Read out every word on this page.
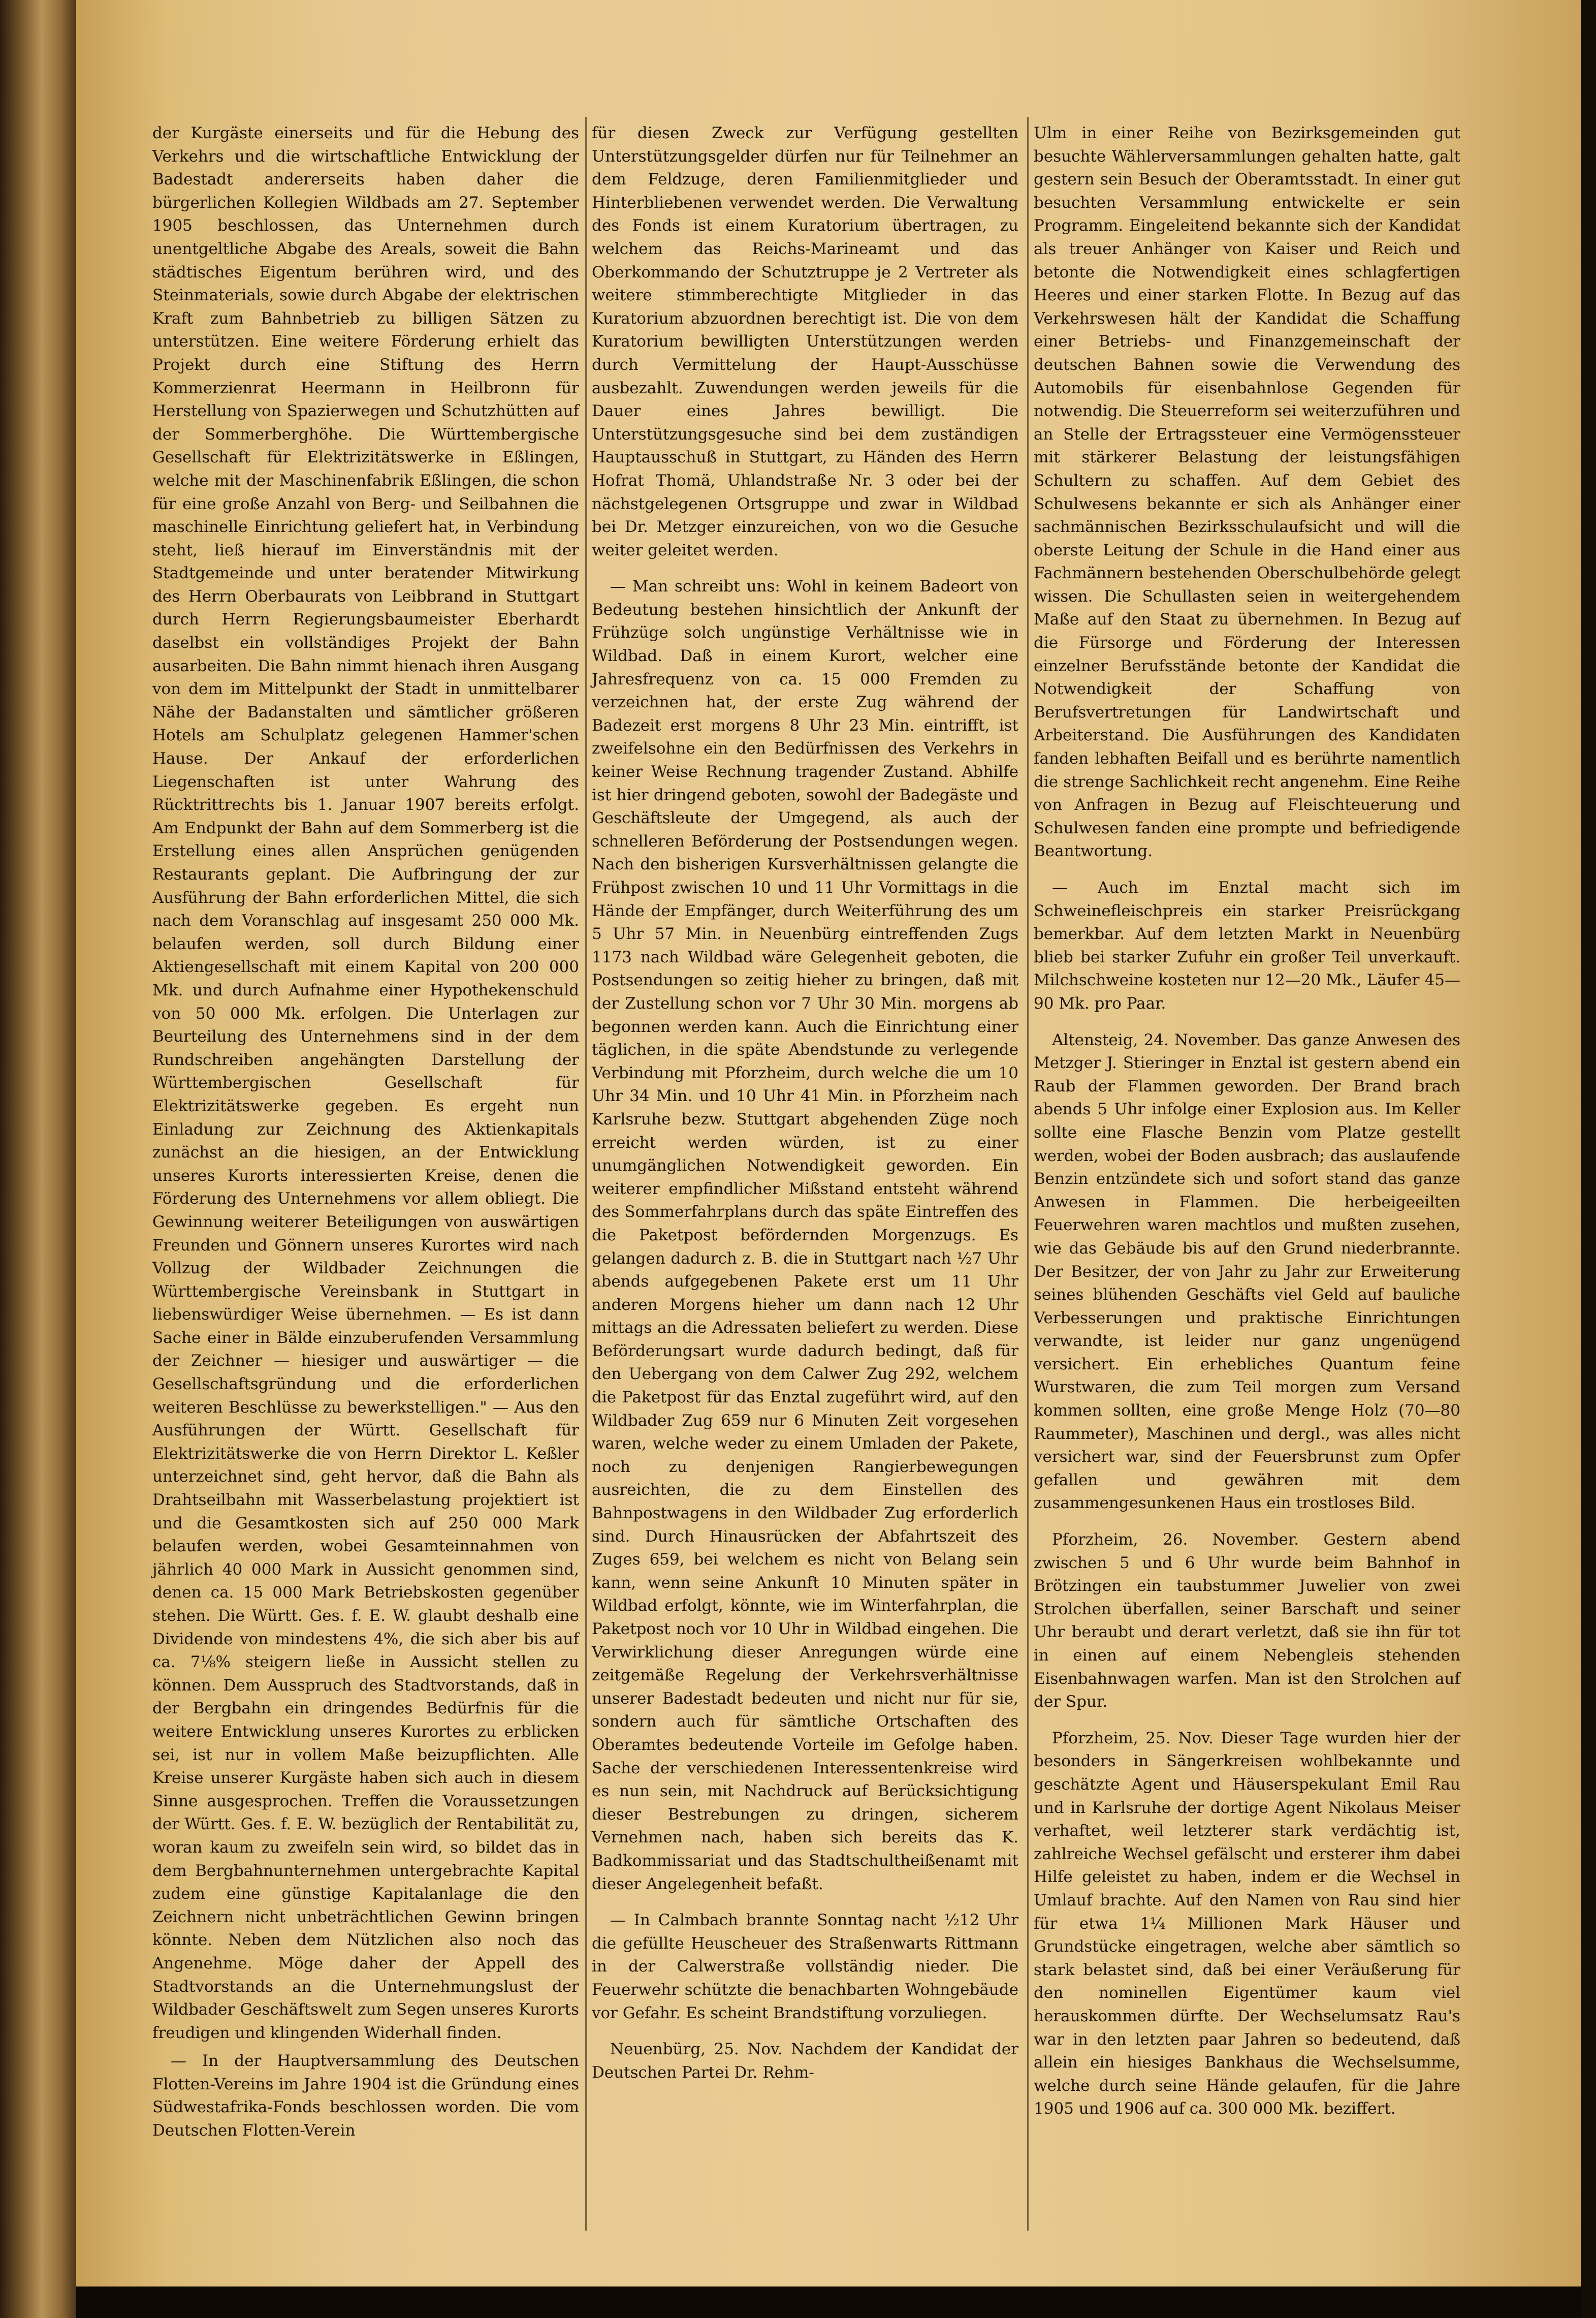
der Kurgäste einerseits und für die Hebung des Verkehrs und die wirtschaftliche Entwicklung der Badestadt andererseits haben daher die bürgerlichen Kollegien Wildbads am 27. September 1905 beschlossen, das Unternehmen durch unentgeltliche Abgabe des Areals, soweit die Bahn städtisches Eigentum berühren wird, und des Steinmaterials, sowie durch Abgabe der elektrischen Kraft zum Bahnbetrieb zu billigen Sätzen zu unterstützen. Eine weitere Förderung erhielt das Projekt durch eine Stiftung des Herrn Kommerzienrat Heermann in Heilbronn für Herstellung von Spazierwegen und Schutzhütten auf der Sommerberghöhe. Die Württembergische Gesellschaft für Elektrizitätswerke in Eßlingen, welche mit der Maschinenfabrik Eßlingen, die schon für eine große Anzahl von Berg- und Seilbahnen die maschinelle Einrichtung geliefert hat, in Verbindung steht, ließ hierauf im Einverständnis mit der Stadtgemeinde und unter beratender Mitwirkung des Herrn Oberbaurats von Leibbrand in Stuttgart durch Herrn Regierungsbaumeister Eberhardt daselbst ein vollständiges Projekt der Bahn ausarbeiten. Die Bahn nimmt hienach ihren Ausgang von dem im Mittelpunkt der Stadt in unmittelbarer Nähe der Badanstalten und sämtlicher größeren Hotels am Schulplatz gelegenen Hammer'schen Hause. Der Ankauf der erforderlichen Liegenschaften ist unter Wahrung des Rücktrittrechts bis 1. Januar 1907 bereits erfolgt. Am Endpunkt der Bahn auf dem Sommerberg ist die Erstellung eines allen Ansprüchen genügenden Restaurants geplant. Die Aufbringung der zur Ausführung der Bahn erforderlichen Mittel, die sich nach dem Voranschlag auf insgesamt 250 000 Mk. belaufen werden, soll durch Bildung einer Aktiengesellschaft mit einem Kapital von 200 000 Mk. und durch Aufnahme einer Hypothekenschuld von 50 000 Mk. erfolgen. Die Unterlagen zur Beurteilung des Unternehmens sind in der dem Rundschreiben angehängten Darstellung der Württembergischen Gesellschaft für Elektrizitätswerke gegeben. Es ergeht nun Einladung zur Zeichnung des Aktienkapitals zunächst an die hiesigen, an der Entwicklung unseres Kurorts interessierten Kreise, denen die Förderung des Unternehmens vor allem obliegt. Die Gewinnung weiterer Beteiligungen von auswärtigen Freunden und Gönnern unseres Kurortes wird nach Vollzug der Wildbader Zeichnungen die Württembergische Vereinsbank in Stuttgart in liebenswürdiger Weise übernehmen. — Es ist dann Sache einer in Bälde einzuberufenden Versammlung der Zeichner — hiesiger und auswärtiger — die Gesellschaftsgründung und die erforderlichen weiteren Beschlüsse zu bewerkstelligen." — Aus den Ausführungen der Württ. Gesellschaft für Elektrizitätswerke die von Herrn Direktor L. Keßler unterzeichnet sind, geht hervor, daß die Bahn als Drahtseilbahn mit Wasserbelastung projektiert ist und die Gesamtkosten sich auf 250 000 Mark belaufen werden, wobei Gesamteinnahmen von jährlich 40 000 Mark in Aussicht genommen sind, denen ca. 15 000 Mark Betriebskosten gegenüber stehen. Die Württ. Ges. f. E. W. glaubt deshalb eine Dividende von mindestens 4%, die sich aber bis auf ca. 7⅛% steigern ließe in Aussicht stellen zu können. Dem Ausspruch des Stadtvorstands, daß in der Bergbahn ein dringendes Bedürfnis für die weitere Entwicklung unseres Kurortes zu erblicken sei, ist nur in vollem Maße beizupflichten. Alle Kreise unserer Kurgäste haben sich auch in diesem Sinne ausgesprochen. Treffen die Voraussetzungen der Württ. Ges. f. E. W. bezüglich der Rentabilität zu, woran kaum zu zweifeln sein wird, so bildet das in dem Bergbahnunternehmen untergebrachte Kapital zudem eine günstige Kapitalanlage die den Zeichnern nicht unbeträchtlichen Gewinn bringen könnte. Neben dem Nützlichen also noch das Angenehme. Möge daher der Appell des Stadtvorstands an die Unternehmungslust der Wildbader Geschäftswelt zum Segen unseres Kurorts freudigen und klingenden Widerhall finden.

— In der Hauptversammlung des Deutschen Flotten-Vereins im Jahre 1904 ist die Gründung eines Südwestafrika-Fonds beschlossen worden. Die vom Deutschen Flotten-Verein

für diesen Zweck zur Verfügung gestellten Unterstützungsgelder dürfen nur für Teilnehmer an dem Feldzuge, deren Familienmitglieder und Hinterbliebenen verwendet werden. Die Verwaltung des Fonds ist einem Kuratorium übertragen, zu welchem das Reichs-Marineamt und das Oberkommando der Schutztruppe je 2 Vertreter als weitere stimmberechtigte Mitglieder in das Kuratorium abzuordnen berechtigt ist. Die von dem Kuratorium bewilligten Unterstützungen werden durch Vermittelung der Haupt-Ausschüsse ausbezahlt. Zuwendungen werden jeweils für die Dauer eines Jahres bewilligt. Die Unterstützungsgesuche sind bei dem zuständigen Hauptausschuß in Stuttgart, zu Händen des Herrn Hofrat Thomä, Uhlandstraße Nr. 3 oder bei der nächstgelegenen Ortsgruppe und zwar in Wildbad bei Dr. Metzger einzureichen, von wo die Gesuche weiter geleitet werden.

— Man schreibt uns: Wohl in keinem Badeort von Bedeutung bestehen hinsichtlich der Ankunft der Frühzüge solch ungünstige Verhältnisse wie in Wildbad. Daß in einem Kurort, welcher eine Jahresfrequenz von ca. 15 000 Fremden zu verzeichnen hat, der erste Zug während der Badezeit erst morgens 8 Uhr 23 Min. eintrifft, ist zweifelsohne ein den Bedürfnissen des Verkehrs in keiner Weise Rechnung tragender Zustand. Abhilfe ist hier dringend geboten, sowohl der Badegäste und Geschäftsleute der Umgegend, als auch der schnelleren Beförderung der Postsendungen wegen. Nach den bisherigen Kursverhältnissen gelangte die Frühpost zwischen 10 und 11 Uhr Vormittags in die Hände der Empfänger, durch Weiterführung des um 5 Uhr 57 Min. in Neuenbürg eintreffenden Zugs 1173 nach Wildbad wäre Gelegenheit geboten, die Postsendungen so zeitig hieher zu bringen, daß mit der Zustellung schon vor 7 Uhr 30 Min. morgens ab begonnen werden kann. Auch die Einrichtung einer täglichen, in die späte Abendstunde zu verlegende Verbindung mit Pforzheim, durch welche die um 10 Uhr 34 Min. und 10 Uhr 41 Min. in Pforzheim nach Karlsruhe bezw. Stuttgart abgehenden Züge noch erreicht werden würden, ist zu einer unumgänglichen Notwendigkeit geworden. Ein weiterer empfindlicher Mißstand entsteht während des Sommerfahrplans durch das späte Eintreffen des die Paketpost befördernden Morgenzugs. Es gelangen dadurch z. B. die in Stuttgart nach ½7 Uhr abends aufgegebenen Pakete erst um 11 Uhr anderen Morgens hieher um dann nach 12 Uhr mittags an die Adressaten beliefert zu werden. Diese Beförderungsart wurde dadurch bedingt, daß für den Uebergang von dem Calwer Zug 292, welchem die Paketpost für das Enztal zugeführt wird, auf den Wildbader Zug 659 nur 6 Minuten Zeit vorgesehen waren, welche weder zu einem Umladen der Pakete, noch zu denjenigen Rangierbewegungen ausreichten, die zu dem Einstellen des Bahnpostwagens in den Wildbader Zug erforderlich sind. Durch Hinausrücken der Abfahrtszeit des Zuges 659, bei welchem es nicht von Belang sein kann, wenn seine Ankunft 10 Minuten später in Wildbad erfolgt, könnte, wie im Winterfahrplan, die Paketpost noch vor 10 Uhr in Wildbad eingehen. Die Verwirklichung dieser Anregungen würde eine zeitgemäße Regelung der Verkehrsverhältnisse unserer Badestadt bedeuten und nicht nur für sie, sondern auch für sämtliche Ortschaften des Oberamtes bedeutende Vorteile im Gefolge haben. Sache der verschiedenen Interessentenkreise wird es nun sein, mit Nachdruck auf Berücksichtigung dieser Bestrebungen zu dringen, sicherem Vernehmen nach, haben sich bereits das K. Badkommissariat und das Stadtschultheißenamt mit dieser Angelegenheit befaßt.

— In Calmbach brannte Sonntag nacht ½12 Uhr die gefüllte Heuscheuer des Straßenwarts Rittmann in der Calwerstraße vollständig nieder. Die Feuerwehr schützte die benachbarten Wohngebäude vor Gefahr. Es scheint Brandstiftung vorzuliegen.

Neuenbürg, 25. Nov. Nachdem der Kandidat der Deutschen Partei Dr. Rehm-

Ulm in einer Reihe von Bezirksgemeinden gut besuchte Wählerversammlungen gehalten hatte, galt gestern sein Besuch der Oberamtsstadt. In einer gut besuchten Versammlung entwickelte er sein Programm. Eingeleitend bekannte sich der Kandidat als treuer Anhänger von Kaiser und Reich und betonte die Notwendigkeit eines schlagfertigen Heeres und einer starken Flotte. In Bezug auf das Verkehrswesen hält der Kandidat die Schaffung einer Betriebs- und Finanzgemeinschaft der deutschen Bahnen sowie die Verwendung des Automobils für eisenbahnlose Gegenden für notwendig. Die Steuerreform sei weiterzuführen und an Stelle der Ertragssteuer eine Vermögenssteuer mit stärkerer Belastung der leistungsfähigen Schultern zu schaffen. Auf dem Gebiet des Schulwesens bekannte er sich als Anhänger einer sachmännischen Bezirksschulaufsicht und will die oberste Leitung der Schule in die Hand einer aus Fachmännern bestehenden Oberschulbehörde gelegt wissen. Die Schullasten seien in weitergehendem Maße auf den Staat zu übernehmen. In Bezug auf die Fürsorge und Förderung der Interessen einzelner Berufsstände betonte der Kandidat die Notwendigkeit der Schaffung von Berufsvertretungen für Landwirtschaft und Arbeiterstand. Die Ausführungen des Kandidaten fanden lebhaften Beifall und es berührte namentlich die strenge Sachlichkeit recht angenehm. Eine Reihe von Anfragen in Bezug auf Fleischteuerung und Schulwesen fanden eine prompte und befriedigende Beantwortung.

— Auch im Enztal macht sich im Schweinefleischpreis ein starker Preisrückgang bemerkbar. Auf dem letzten Markt in Neuenbürg blieb bei starker Zufuhr ein großer Teil unverkauft. Milchschweine kosteten nur 12—20 Mk., Läufer 45—90 Mk. pro Paar.

Altensteig, 24. November. Das ganze Anwesen des Metzger J. Stieringer in Enztal ist gestern abend ein Raub der Flammen geworden. Der Brand brach abends 5 Uhr infolge einer Explosion aus. Im Keller sollte eine Flasche Benzin vom Platze gestellt werden, wobei der Boden ausbrach; das auslaufende Benzin entzündete sich und sofort stand das ganze Anwesen in Flammen. Die herbeigeeilten Feuerwehren waren machtlos und mußten zusehen, wie das Gebäude bis auf den Grund niederbrannte. Der Besitzer, der von Jahr zu Jahr zur Erweiterung seines blühenden Geschäfts viel Geld auf bauliche Verbesserungen und praktische Einrichtungen verwandte, ist leider nur ganz ungenügend versichert. Ein erhebliches Quantum feine Wurstwaren, die zum Teil morgen zum Versand kommen sollten, eine große Menge Holz (70—80 Raummeter), Maschinen und dergl., was alles nicht versichert war, sind der Feuersbrunst zum Opfer gefallen und gewähren mit dem zusammengesunkenen Haus ein trostloses Bild.

Pforzheim, 26. November. Gestern abend zwischen 5 und 6 Uhr wurde beim Bahnhof in Brötzingen ein taubstummer Juwelier von zwei Strolchen überfallen, seiner Barschaft und seiner Uhr beraubt und derart verletzt, daß sie ihn für tot in einen auf einem Nebengleis stehenden Eisenbahnwagen warfen. Man ist den Strolchen auf der Spur.

Pforzheim, 25. Nov. Dieser Tage wurden hier der besonders in Sängerkreisen wohlbekannte und geschätzte Agent und Häuserspekulant Emil Rau und in Karlsruhe der dortige Agent Nikolaus Meiser verhaftet, weil letzterer stark verdächtig ist, zahlreiche Wechsel gefälscht und ersterer ihm dabei Hilfe geleistet zu haben, indem er die Wechsel in Umlauf brachte. Auf den Namen von Rau sind hier für etwa 1¼ Millionen Mark Häuser und Grundstücke eingetragen, welche aber sämtlich so stark belastet sind, daß bei einer Veräußerung für den nominellen Eigentümer kaum viel herauskommen dürfte. Der Wechselumsatz Rau's war in den letzten paar Jahren so bedeutend, daß allein ein hiesiges Bankhaus die Wechselsumme, welche durch seine Hände gelaufen, für die Jahre 1905 und 1906 auf ca. 300 000 Mk. beziffert.
